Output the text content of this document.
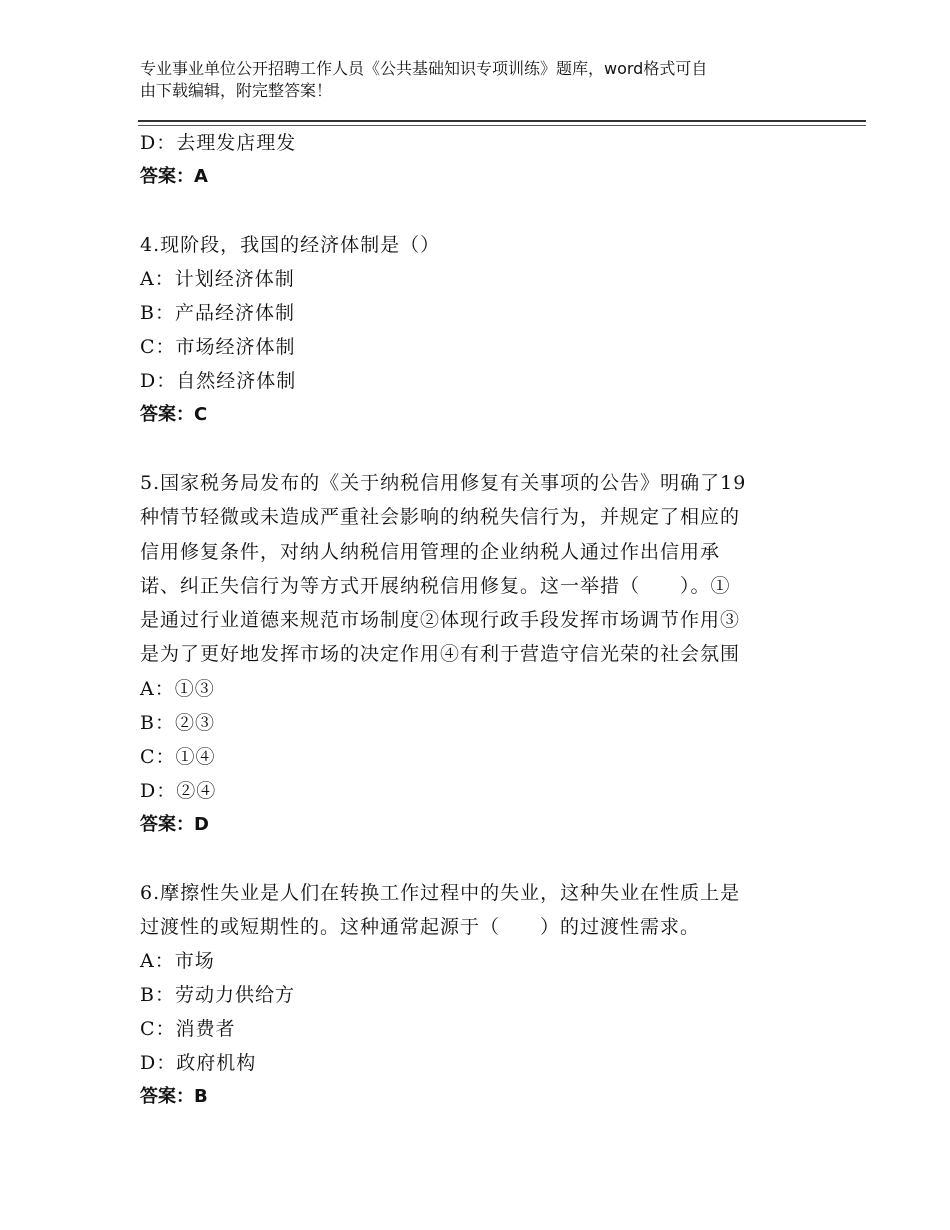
专业事业单位公开招聘工作人员《公共基础知识专项训练》题库，word格式可自
由下载编辑，附完整答案！
D：去理发店理发
答案：A
4.现阶段，我国的经济体制是（）
A：计划经济体制
B：产品经济体制
C：市场经济体制
D：自然经济体制
答案：C
5.国家税务局发布的《关于纳税信用修复有关事项的公告》明确了19
种情节轻微或未造成严重社会影响的纳税失信行为，并规定了相应的
信用修复条件，对纳人纳税信用管理的企业纳税人通过作出信用承
诺、纠正失信行为等方式开展纳税信用修复。这一举措（　　）。①
是通过行业道德来规范市场制度②体现行政手段发挥市场调节作用③
是为了更好地发挥市场的决定作用④有利于营造守信光荣的社会氛围
A：①③
B：②③
C：①④
D：②④
答案：D
6.摩擦性失业是人们在转换工作过程中的失业，这种失业在性质上是
过渡性的或短期性的。这种通常起源于（　　）的过渡性需求。
A：市场
B：劳动力供给方
C：消费者
D：政府机构
答案：B
